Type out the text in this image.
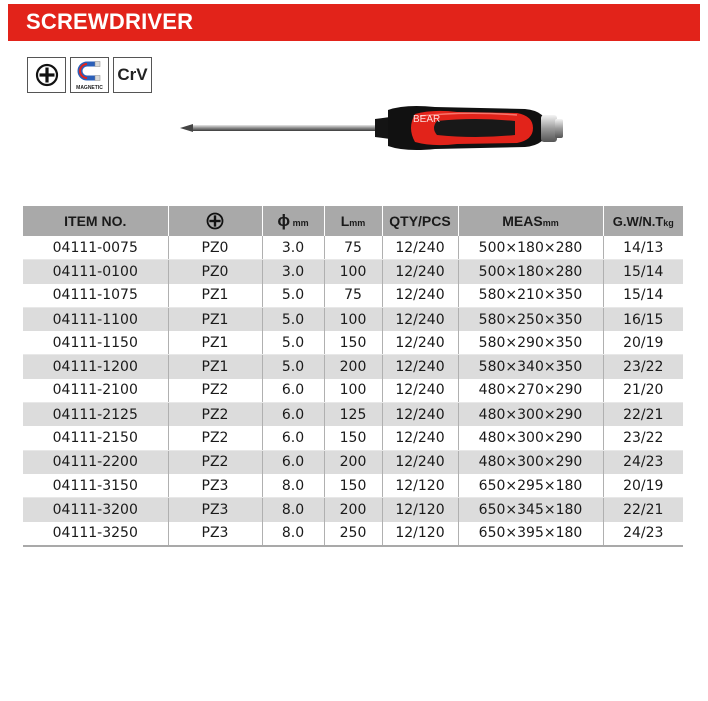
SCREWDRIVER
MAGNETIC
CrV
BEAR
ITEM NO.		ϕ mm	Lmm	QTY/PCS	MEASmm	G.W/N.Tkg
04111-0075	PZ0	3.0	75	12/240	500×180×280	14/13
04111-0100	PZ0	3.0	100	12/240	500×180×280	15/14
04111-1075	PZ1	5.0	75	12/240	580×210×350	15/14
04111-1100	PZ1	5.0	100	12/240	580×250×350	16/15
04111-1150	PZ1	5.0	150	12/240	580×290×350	20/19
04111-1200	PZ1	5.0	200	12/240	580×340×350	23/22
04111-2100	PZ2	6.0	100	12/240	480×270×290	21/20
04111-2125	PZ2	6.0	125	12/240	480×300×290	22/21
04111-2150	PZ2	6.0	150	12/240	480×300×290	23/22
04111-2200	PZ2	6.0	200	12/240	480×300×290	24/23
04111-3150	PZ3	8.0	150	12/120	650×295×180	20/19
04111-3200	PZ3	8.0	200	12/120	650×345×180	22/21
04111-3250	PZ3	8.0	250	12/120	650×395×180	24/23
